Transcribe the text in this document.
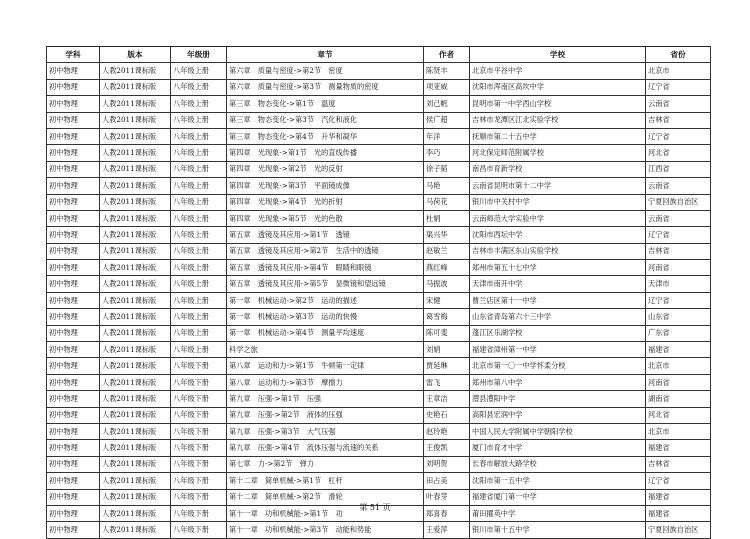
学科	版本	年级册	章节	作者	学校	省份
初中物理	人教2011课标版	八年级上册	第六章　质量与密度->第2节　密度	陈贤丰	北京市平谷中学	北京市
初中物理	人教2011课标版	八年级上册	第六章　质量与密度->第3节　测量物质的密度	项亚威	沈阳市浑南区高坎中学	辽宁省
初中物理	人教2011课标版	八年级上册	第三章　物态变化->第1节　温度	刘己帆	昆明市第一中学西山学校	云南省
初中物理	人教2011课标版	八年级上册	第三章　物态变化->第3节　汽化和液化	侯广超	吉林市龙潭区江北实验学校	吉林省
初中物理	人教2011课标版	八年级上册	第三章　物态变化->第4节　升华和凝华	年洋	抚顺市第二十五中学	辽宁省
初中物理	人教2011课标版	八年级上册	第四章　光现象->第1节　光的直线传播	李巧	河北保定师范附属学校	河北省
初中物理	人教2011课标版	八年级上册	第四章　光现象->第2节　光的反射	徐子韬	南昌市育新学校	江西省
初中物理	人教2011课标版	八年级上册	第四章　光现象->第3节　平面镜成像	马艳	云南省昆明市第十二中学	云南省
初中物理	人教2011课标版	八年级上册	第四章　光现象->第4节　光的折射	马荷花	银川市中关村中学	宁夏回族自治区
初中物理	人教2011课标版	八年级上册	第四章　光现象->第5节　光的色散	杜娟	云南师范大学实验中学	云南省
初中物理	人教2011课标版	八年级上册	第五章　透镜及其应用->第1节　透镜	渠兴华	沈阳市西坛中学	辽宁省
初中物理	人教2011课标版	八年级上册	第五章　透镜及其应用->第2节　生活中的透镜	赵敏兰	吉林市丰满区东山实验学校	吉林省
初中物理	人教2011课标版	八年级上册	第五章　透镜及其应用->第4节　眼睛和眼镜	燕红峰	郑州市第五十七中学	河南省
初中物理	人教2011课标版	八年级上册	第五章　透镜及其应用->第5节　显微镜和望远镜	马振波	天津市南开中学	天津市
初中物理	人教2011课标版	八年级上册	第一章　机械运动->第2节　运动的描述	宋健	曹兰店区第十一中学	辽宁省
初中物理	人教2011课标版	八年级上册	第一章　机械运动->第3节　运动的快慢	葛雪梅	山东省青岛第六十三中学	山东省
初中物理	人教2011课标版	八年级上册	第一章　机械运动->第4节　测量平均速度	陈可斐	蓬江区乐湖学校	广东省
初中物理	人教2011课标版	八年级上册	科学之旅	刘娟	福建省漳州第一中学	福建省
初中物理	人教2011课标版	八年级下册	第八章　运动和力->第1节　牛顿第一定律	贾延琳	北京市第一〇一中学怀柔分校	北京市
初中物理	人教2011课标版	八年级下册	第八章　运动和力->第3节　摩擦力	雷飞	郑州市第八中学	河南省
初中物理	人教2011课标版	八年级下册	第九章　压强->第1节　压强	王章洁	澧县澧阳中学	湖南省
初中物理	人教2011课标版	八年级下册	第九章　压强->第2节　液体的压强	史艳石	高阳县宏润中学	河北省
初中物理	人教2011课标版	八年级下册	第九章　压强->第3节　大气压强	赵玲艳	中国人民大学附属中学朝阳学校	北京市
初中物理	人教2011课标版	八年级下册	第九章　压强->第4节　流体压强与流速的关系	王俊凯	厦门市育才中学	福建省
初中物理	人教2011课标版	八年级下册	第七章　力->第2节　弹力	刘明贺	长春市解放大路学校	吉林省
初中物理	人教2011课标版	八年级下册	第十二章　简单机械->第1节　杠杆	田占美	沈阳市第一五中学	辽宁省
初中物理	人教2011课标版	八年级下册	第十二章　简单机械->第2节　滑轮	叶春芽	福建省厦门第一中学	福建省
初中物理	人教2011课标版	八年级下册	第十一章　功和机械能->第1节　功	郑喜春	莆田擢英中学	福建省
初中物理	人教2011课标版	八年级下册	第十一章　功和机械能->第3节　动能和势能	王爱萍	银川市第十五中学	宁夏回族自治区
第 51 页
